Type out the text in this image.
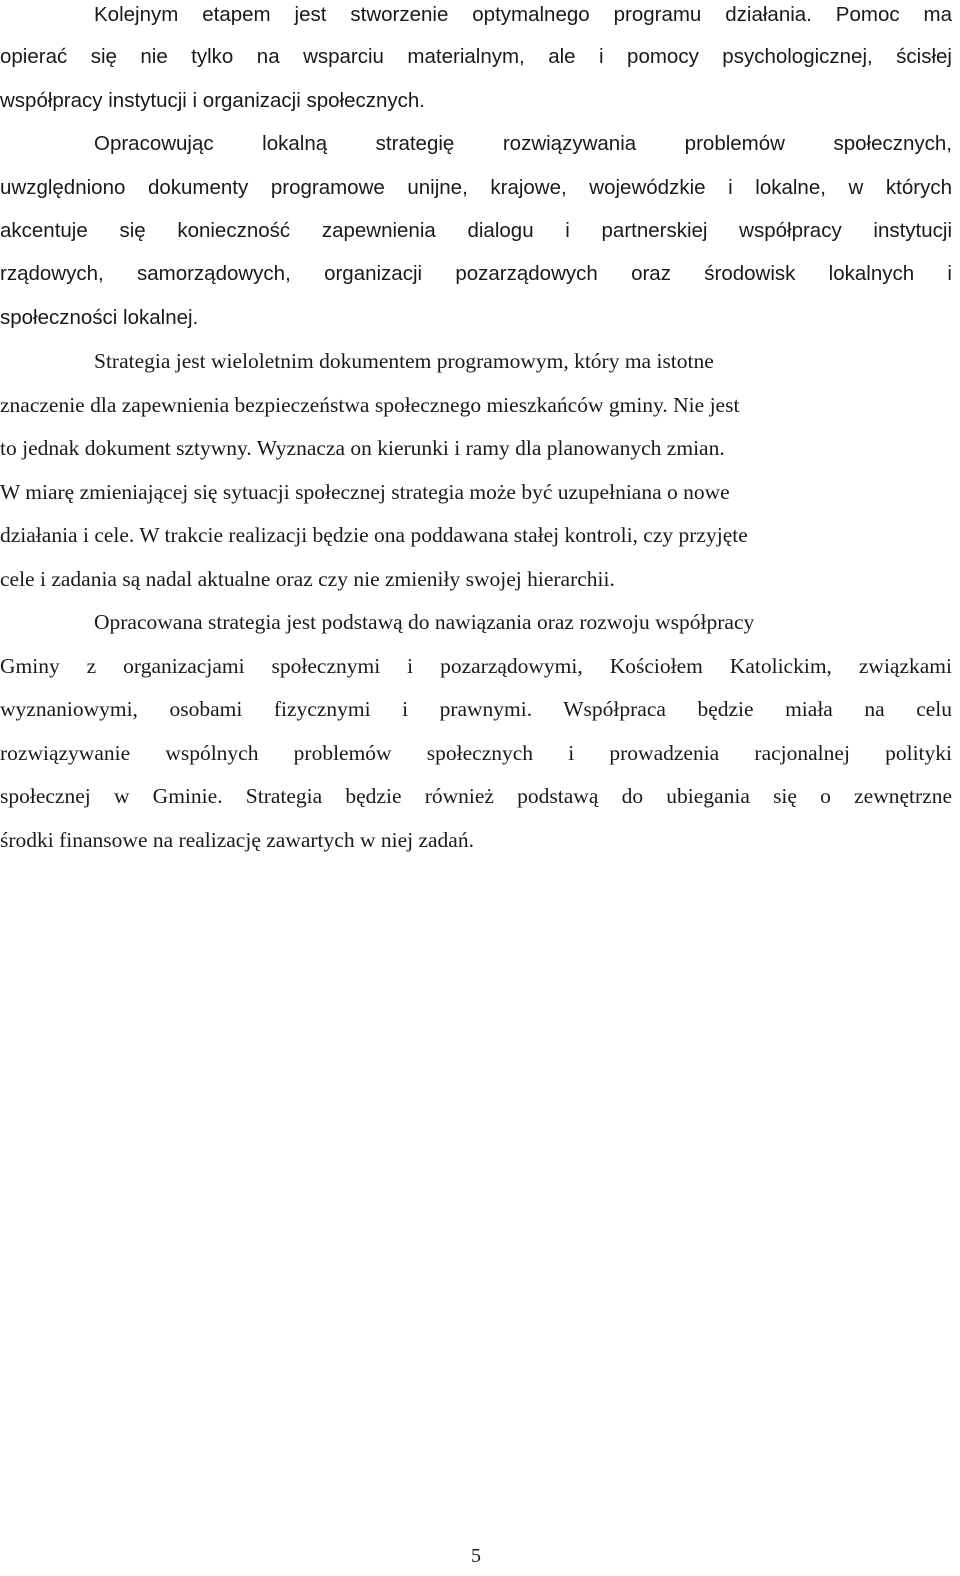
Kolejnym etapem jest stworzenie optymalnego programu działania. Pomoc ma
opierać się nie tylko na wsparciu materialnym, ale i pomocy psychologicznej, ścisłej
współpracy instytucji i organizacji społecznych.
Opracowując lokalną strategię rozwiązywania problemów społecznych,
uwzględniono dokumenty programowe unijne, krajowe, wojewódzkie i lokalne, w których
akcentuje się konieczność zapewnienia dialogu i partnerskiej współpracy instytucji
rządowych, samorządowych, organizacji pozarządowych oraz środowisk lokalnych i
społeczności lokalnej.
Strategia jest wieloletnim dokumentem programowym, który ma istotne
znaczenie dla zapewnienia bezpieczeństwa społecznego mieszkańców gminy. Nie jest
to jednak dokument sztywny. Wyznacza on kierunki i ramy dla planowanych zmian.
W miarę zmieniającej się sytuacji społecznej strategia może być uzupełniana o nowe
działania i cele. W trakcie realizacji będzie ona poddawana stałej kontroli, czy przyjęte
cele i zadania są nadal aktualne oraz czy nie zmieniły swojej hierarchii.
Opracowana strategia jest podstawą do nawiązania oraz rozwoju współpracy
Gminy z organizacjami społecznymi i pozarządowymi, Kościołem Katolickim, związkami
wyznaniowymi, osobami fizycznymi i prawnymi. Współpraca będzie miała na celu
rozwiązywanie wspólnych problemów społecznych i prowadzenia racjonalnej polityki
społecznej w Gminie. Strategia będzie również podstawą do ubiegania się o zewnętrzne
środki finansowe na realizację zawartych w niej zadań.
5
